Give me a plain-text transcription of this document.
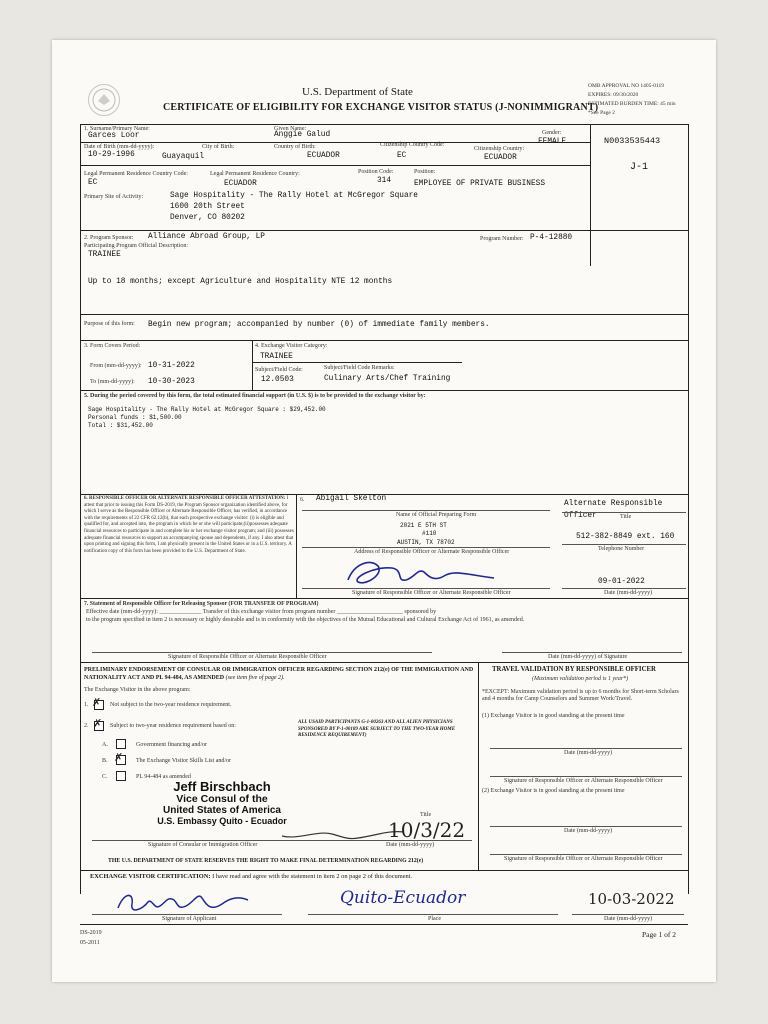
U.S. Department of State
CERTIFICATE OF ELIGIBILITY FOR EXCHANGE VISITOR STATUS (J-NONIMMIGRANT)
OMB APPROVAL NO 1405-0119
EXPIRES: 09/30/2020
ESTIMATED BURDEN TIME: 45 min
*See Page 2
1. Surname/Primary Name:
Garces Loor
Given Name:
Anggie Galud	Gender:
FEMALE	N0033535443
J-1
Date of Birth (mm-dd-yyyy):
10-29-1996
City of Birth:
Guayaquil
Country of Birth:
ECUADOR
Citizenship Country Code:
EC
Citizenship Country:
ECUADOR
Legal Permanent Residence Country Code:
EC
Legal Permanent Residence Country:
ECUADOR
Position Code:
314
Position:
EMPLOYEE OF PRIVATE BUSINESS
Primary Site of Activity:	Sage Hospitality - The Rally Hotel at McGregor Square
1600 20th Street
Denver, CO 80202
2. Program Sponsor: Alliance Abroad Group, LP	Program Number: P-4-12880
Participating Program Official Description:
TRAINEE
Up to 18 months; except Agriculture and Hospitality NTE 12 months
Purpose of this form: Begin new program; accompanied by number (0) of immediate family members.
3. Form Covers Period:
From (mm-dd-yyyy): 10-31-2022
To (mm-dd-yyyy): 10-30-2023
4. Exchange Visitor Category:
TRAINEE
Subject/Field Code:
12.0503
Subject/Field Code Remarks:
Culinary Arts/Chef Training
5. During the period covered by this form, the total estimated financial support (in U.S. $) is to be provided to the exchange visitor by:
Sage Hospitality - The Rally Hotel at McGregor Square : $29,452.00
Personal funds : $1,500.00
Total : $31,452.00
6. RESPONSIBLE OFFICER OR ALTERNATE RESPONSIBLE OFFICER ATTESTATION: I attest that prior to issuing this Form DS-2019, the Program Sponsor organization identified above, for which I serve as the Responsible Officer or Alternate Responsible Officer, has verified, in accordance with the requirements of 22 CFR 62.12(b), that each prospective exchange visitor: (i) is eligible and qualified for, and accepted into, the program in which he or she will participate;(ii)possesses adequate financial resources to participate in and complete his or her exchange visitor program; and (iii) possesses adequate financial resources to support an accompanying spouse and dependents, if any. I also attest that upon printing and signing this form, I am physically present in the United States or in a U.S. territory. A notification copy of this form has been provided to the U.S. Department of State.
6. Abigail Skelton
Name of Official Preparing Form
Alternate Responsible Officer	Title
2021 E 5TH ST
#110
AUSTIN, TX 78702
Address of Responsible Officer or Alternate Responsible Officer
512-382-8849 ext. 160
Telephone Number
Signature of Responsible Officer or Alternate Responsible Officer
09-01-2022
Date (mm-dd-yyyy)
7. Statement of Responsible Officer for Releasing Sponsor (FOR TRANSFER OF PROGRAM)
Effective date (mm-dd-yyyy): ______________ Transfer of this exchange visitor from program number ______________________ sponsored by
to the program specified in item 2 is necessary or highly desirable and is in conformity with the objectives of the Mutual Educational and Cultural Exchange Act of 1961, as amended.
Signature of Responsible Officer or Alternate Responsible Officer	Date (mm-dd-yyyy) of Signature
PRELIMINARY ENDORSEMENT OF CONSULAR OR IMMIGRATION OFFICER REGARDING SECTION 212(e) OF THE IMMIGRATION AND NATIONALITY ACT AND PL 94-484, AS AMENDED (see item five of page 2).
The Exchange Visitor in the above program:
1. ✗ Not subject to the two-year residence requirement.
2. ✗ Subject to two-year residence requirement based on:
ALL USAID PARTICIPANTS G-1-00263 AND ALL ALIEN PHYSICIANS SPONSORED BY P-1-00189 ARE SUBJECT TO THE TWO-YEAR HOME RESIDENCE REQUIREMENT)
A.	Government financing and/or
B. ✗ The Exchange Visitor Skills List and/or
C.	PL 94-484 as amended
Jeff Birschbach
Vice Consul of the
United States of America
U.S. Embassy Quito - Ecuador
Title
10/3/22
Signature of Consular or Immigration Officer	Date (mm-dd-yyyy)
THE U.S. DEPARTMENT OF STATE RESERVES THE RIGHT TO MAKE FINAL DETERMINATION REGARDING 212(e)
TRAVEL VALIDATION BY RESPONSIBLE OFFICER
(Maximum validation period is 1 year*)
*EXCEPT: Maximum validation period is up to 6 months for Short-term Scholars and 4 months for Camp Counselors and Summer Work/Travel.
(1) Exchange Visitor is in good standing at the present time
Date (mm-dd-yyyy)
Signature of Responsible Officer or Alternate Responsible Officer
(2) Exchange Visitor is in good standing at the present time
Date (mm-dd-yyyy)
Signature of Responsible Officer or Alternate Responsible Officer
EXCHANGE VISITOR CERTIFICATION: I have read and agree with the statement in item 2 on page 2 of this document.
Signature of Applicant
Quito-Ecuador
Place
10-03-2022
Date (mm-dd-yyyy)
DS-2019
05-2011
Page 1 of 2
